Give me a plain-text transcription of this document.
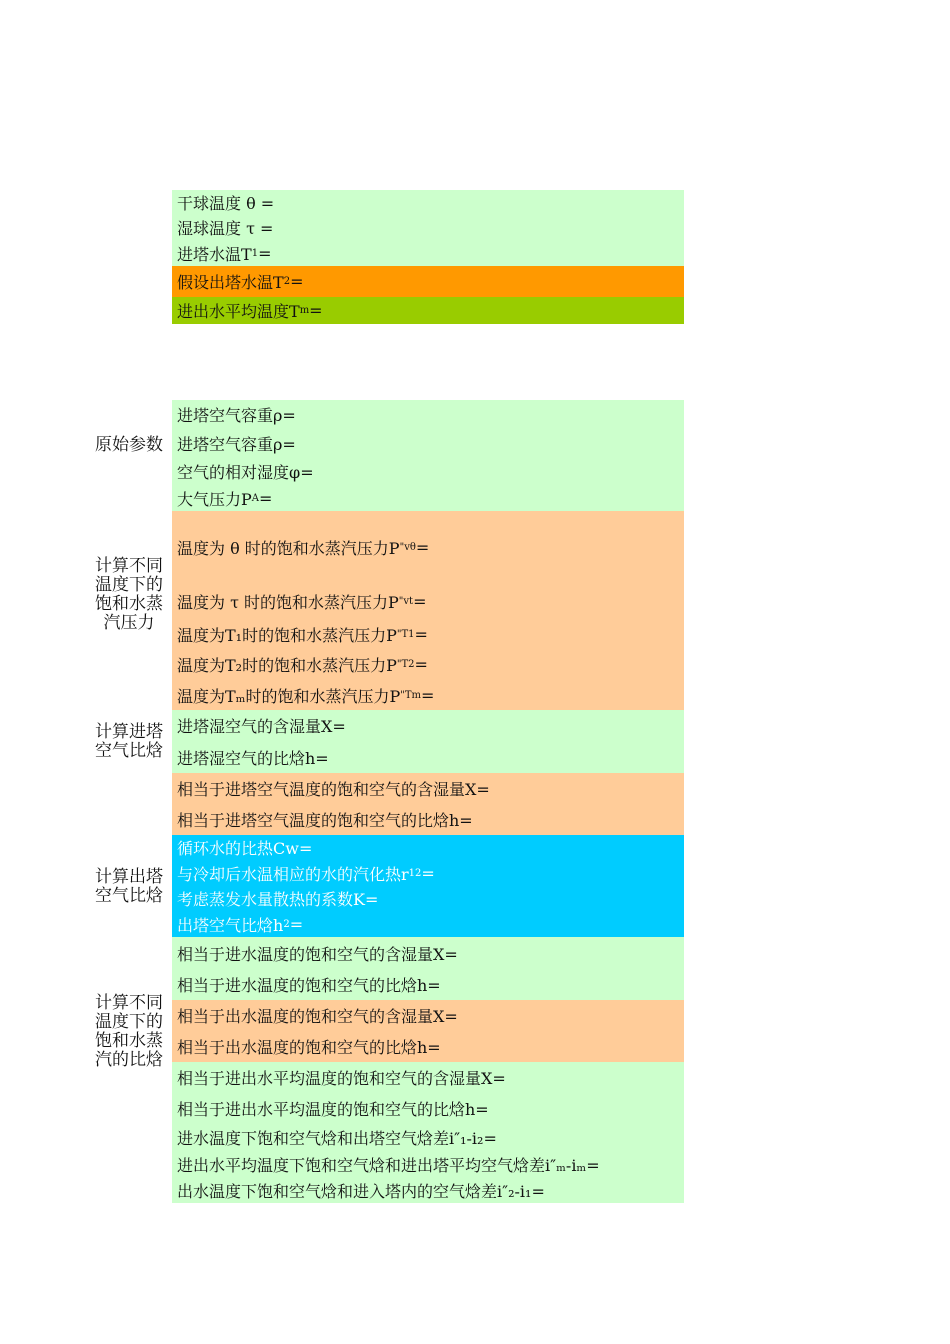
干球温度 θ =
湿球温度 τ =
进塔水温T 1 =
假设出塔水温T 2 =
进出水平均温度T m =
原始参数
计算不同
温度下的
饱和水蒸
汽压力
计算进塔
空气比焓
计算出塔
空气比焓
计算不同
温度下的
饱和水蒸
汽的比焓
进塔空气容重ρ=
进塔空气容重ρ=
空气的相对湿度φ=
大气压力P A =
温度为 θ 时的饱和水蒸汽压力P " vθ =
温度为 τ 时的饱和水蒸汽压力P " vt =
温度为T₁时的饱和水蒸汽压力P " T1 =
温度为T₂时的饱和水蒸汽压力P " T2 =
温度为Tₘ时的饱和水蒸汽压力P " Tm =
进塔湿空气的含湿量X=
进塔湿空气的比焓h=
相当于进塔空气温度的饱和空气的含湿量X=
相当于进塔空气温度的饱和空气的比焓h=
循环水的比热Cw=
与冷却后水温相应的水的汽化热r 12 =
考虑蒸发水量散热的系数K=
出塔空气比焓h 2 =
相当于进水温度的饱和空气的含湿量X=
相当于进水温度的饱和空气的比焓h=
相当于出水温度的饱和空气的含湿量X=
相当于出水温度的饱和空气的比焓h=
相当于进出水平均温度的饱和空气的含湿量X=
相当于进出水平均温度的饱和空气的比焓h=
进水温度下饱和空气焓和出塔空气焓差i″₁-i₂=
进出水平均温度下饱和空气焓和进出塔平均空气焓差i″ₘ-iₘ=
出水温度下饱和空气焓和进入塔内的空气焓差i″₂-i₁=
